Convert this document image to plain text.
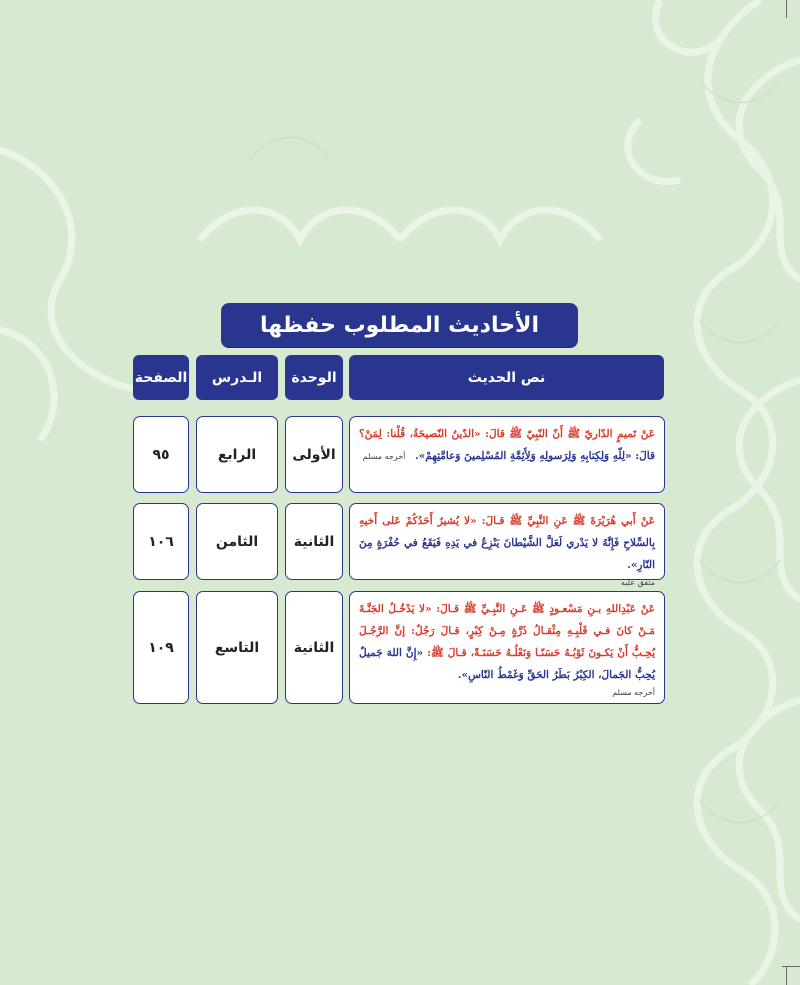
الأحاديث المطلوب حفظها
نص الحديث
الوحدة
الـدرس
الصفحة
عَنْ تَميمٍ الدّاريّ ﷺ أَنّ النّبِيّ ﷺ قالَ: «الدّينُ النّصيحَةُ، قُلْنا: لِمَنْ؟ قالَ: «لِلّهِ وَلِكِتابِهِ وَلِرَسولِهِ وَلِأَئِمَّةِ المُسْلِمينَ وَعامَّتِهِمْ». أخرجه مسلم
الأولى
الرابع
٩٥
عَنْ أَبي هُرَيْرَةَ ﷺ عَنِ النَّبِيِّ ﷺ قـالَ: «لا يُشيرُ أَحَدُكُمْ عَلى أَخيهِ بِالسِّلاحِ فَإِنَّهُ لا يَدْري لَعَلَّ الشَّيْطانَ يَنْزِعُ في يَدِهِ فَيَقَعُ في حُفْرَةٍ مِنَ النّارِ».
متفق عليه
الثانية
الثامن
١٠٦
عَنْ عَبْدِاللهِ بـنِ مَسْعـودٍ ﷺ عَـنِ النَّبِـيِّ ﷺ قـالَ: «لا يَدْخُـلُ الجَنَّـةَ مَـنْ كانَ فـي قَلْبِـهِ مِثْقـالُ ذَرَّةٍ مِـنْ كِبْرٍ، قـالَ رَجُلٌ: إنَّ الرَّجُـلَ يُحِـبُّ أَنْ يَكـونَ ثَوْبُـهُ حَسَنًـا وَنَعْلُـهُ حَسَنَـةً، قـالَ ﷺ: «إِنَّ اللهَ جَميلٌ يُحِبُّ الجَمالَ، الكِبْرُ بَطَرُ الحَقِّ وَغَمْطُ النّاسِ».
أخرجه مسلم
الثانية
التاسع
١٠٩
